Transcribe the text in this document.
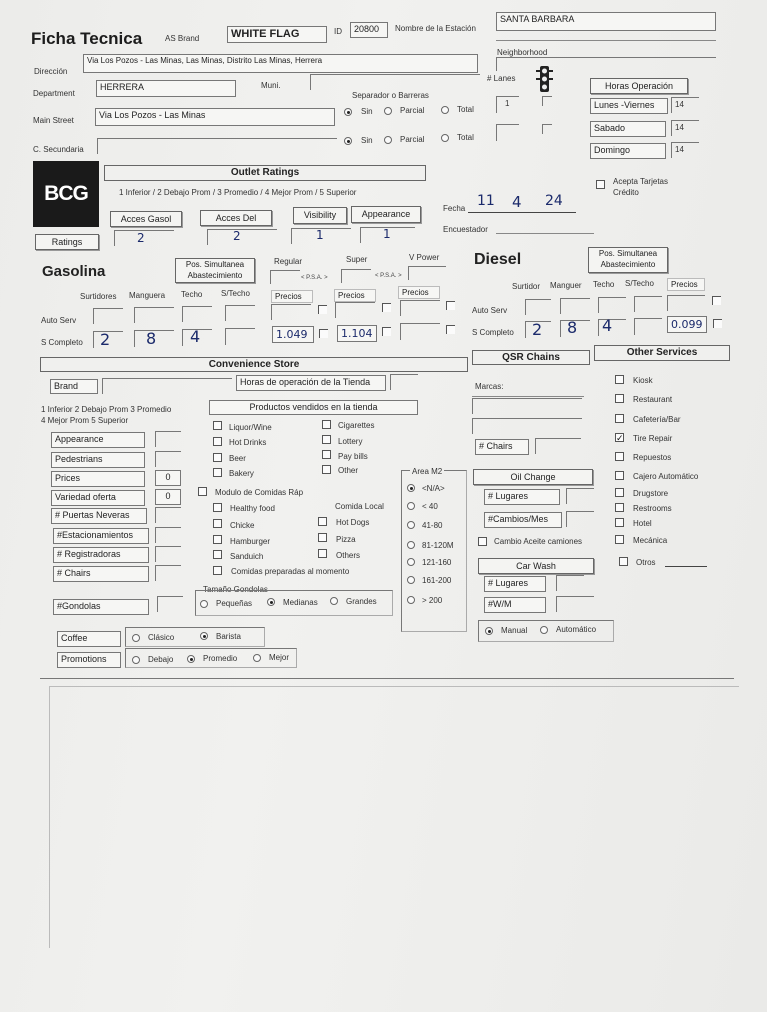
Ficha Tecnica	AS Brand	WHITE FLAG	ID	20800	Nombre de la Estación
SANTA BARBARA
Neighborhood
Dirección
Via Los Pozos - Las Minas, Las Minas, Distrito Las Minas, Herrera
# Lanes
Horas Operación
Department
HERRERA	Muni.
Separador o Barreras
1	Lunes -Viernes	14
Sin	Parcial	Total
Main Street
Via Los Pozos - Las Minas
Sabado	14
Sin	Parcial	Total
C. Secundaria	Domingo	14
BCG
Outlet Ratings
1 Inferior / 2 Debajo Prom / 3 Promedio / 4 Mejor Prom / 5 Superior
Acces Gasol	Acces Del	Visibility	Appearance
Ratings	2	2	1	1
Acepta Tarjetas Crédito
Fecha 11 4 24
Encuestador
Gasolina	Pos. Simultanea Abastecimiento
Regular	Super	V Power
< P.S.A. >	< P.S.A. >
Surtidores Manguera Techo S/Techo	Precios	Precios	Precios
Auto Serv
S Completo 2 8 4	1.049	1.104
Diesel	Pos. Simultanea Abastecimiento
Surtidor Manguer Techo S/Techo	Precios
Auto Serv
S Completo 2 8 4	0.099
Convenience Store
QSR Chains	Other Services
Brand	Horas de operación de la Tienda
1 Inferior 2 Debajo Prom 3 Promedio
4 Mejor Prom 5 Superior
Productos vendidos en la tienda
Appearance
Pedestrians
Prices	0
Variedad oferta	0
# Puertas Neveras
#Estacionamientos
# Registradoras
# Chairs
#Gondolas
Liquor/Wine
Hot Drinks
Beer
Bakery
Cigarettes
Lottery
Pay bills
Other
Modulo de Comidas Ráp
Comida Local
Healthy food
Chicke
Hamburger
Sanduich
Comidas preparadas al momento
Hot Dogs
Pizza
Others
Tamaño Gondolas
Pequeñas	Medianas	Grandes
Area M2
<N/A>
< 40
41-80
81-120M
121-160
161-200
> 200
Coffee	Clásico	Barista
Promotions	Debajo	Promedio	Mejor
Marcas:
# Chairs
Oil Change
# Lugares
#Cambios/Mes
Cambio Aceite camiones
Car Wash
# Lugares
#W/M
Manual	Automático
Kiosk
Restaurant
Cafetería/Bar
✓ Tire Repair
Repuestos
Cajero Automático
Drugstore
Restrooms
Hotel
Mecánica
Otros
